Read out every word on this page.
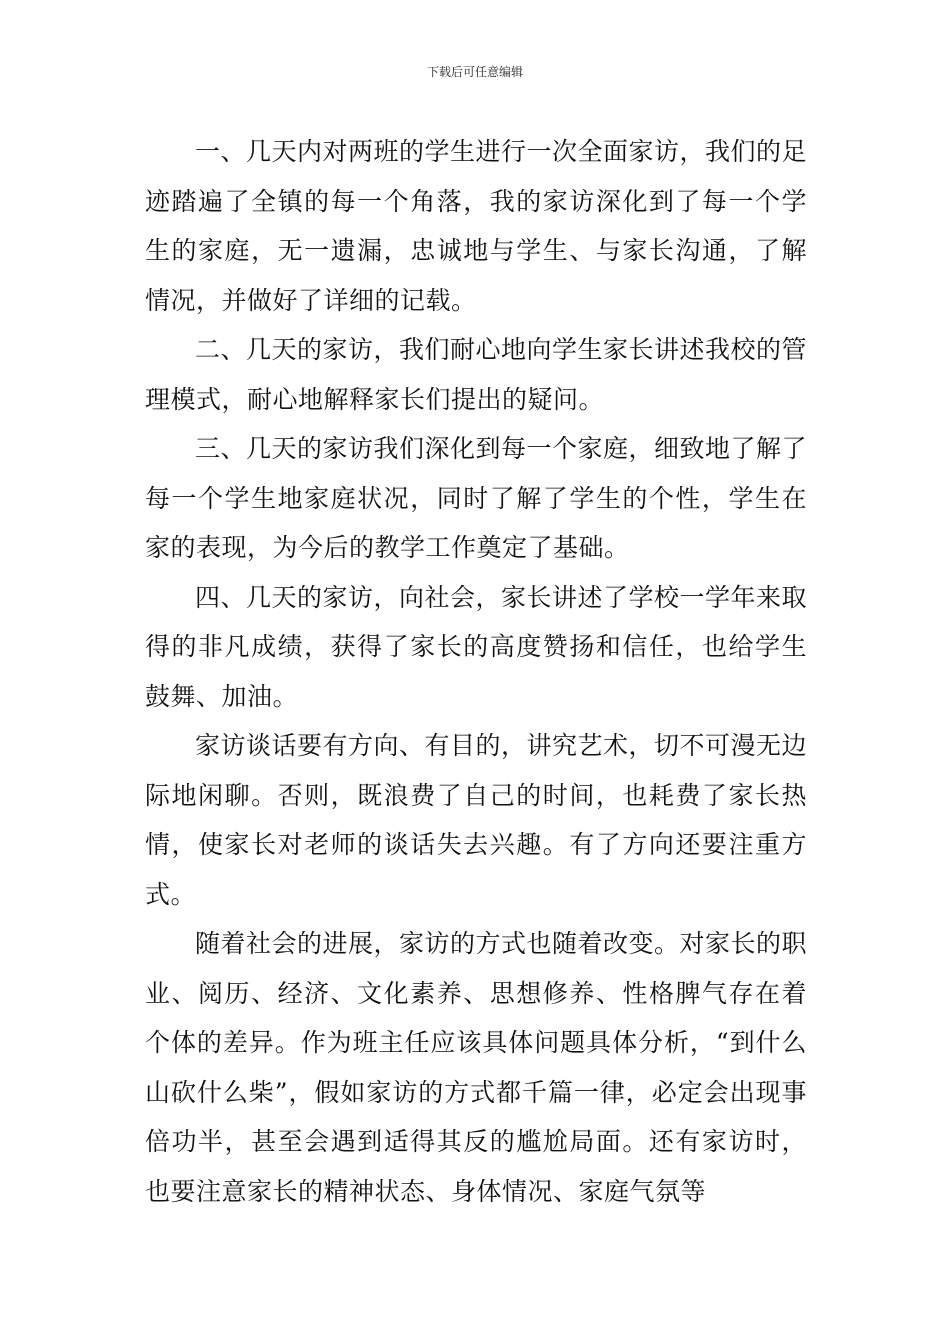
下载后可任意编辑

一、几天内对两班的学生进行一次全面家访，我们的足迹踏遍了全镇的每一个角落，我的家访深化到了每一个学生的家庭，无一遗漏，忠诚地与学生、与家长沟通，了解情况，并做好了详细的记载。

二、几天的家访，我们耐心地向学生家长讲述我校的管理模式，耐心地解释家长们提出的疑问。

三、几天的家访我们深化到每一个家庭，细致地了解了每一个学生地家庭状况，同时了解了学生的个性，学生在家的表现，为今后的教学工作奠定了基础。

四、几天的家访，向社会，家长讲述了学校一学年来取得的非凡成绩，获得了家长的高度赞扬和信任，也给学生鼓舞、加油。

家访谈话要有方向、有目的，讲究艺术，切不可漫无边际地闲聊。否则，既浪费了自己的时间，也耗费了家长热情，使家长对老师的谈话失去兴趣。有了方向还要注重方式。

随着社会的进展，家访的方式也随着改变。对家长的职业、阅历、经济、文化素养、思想修养、性格脾气存在着个体的差异。作为班主任应该具体问题具体分析，“到什么山砍什么柴”，假如家访的方式都千篇一律，必定会出现事倍功半，甚至会遇到适得其反的尴尬局面。还有家访时，也要注意家长的精神状态、身体情况、家庭气氛等
